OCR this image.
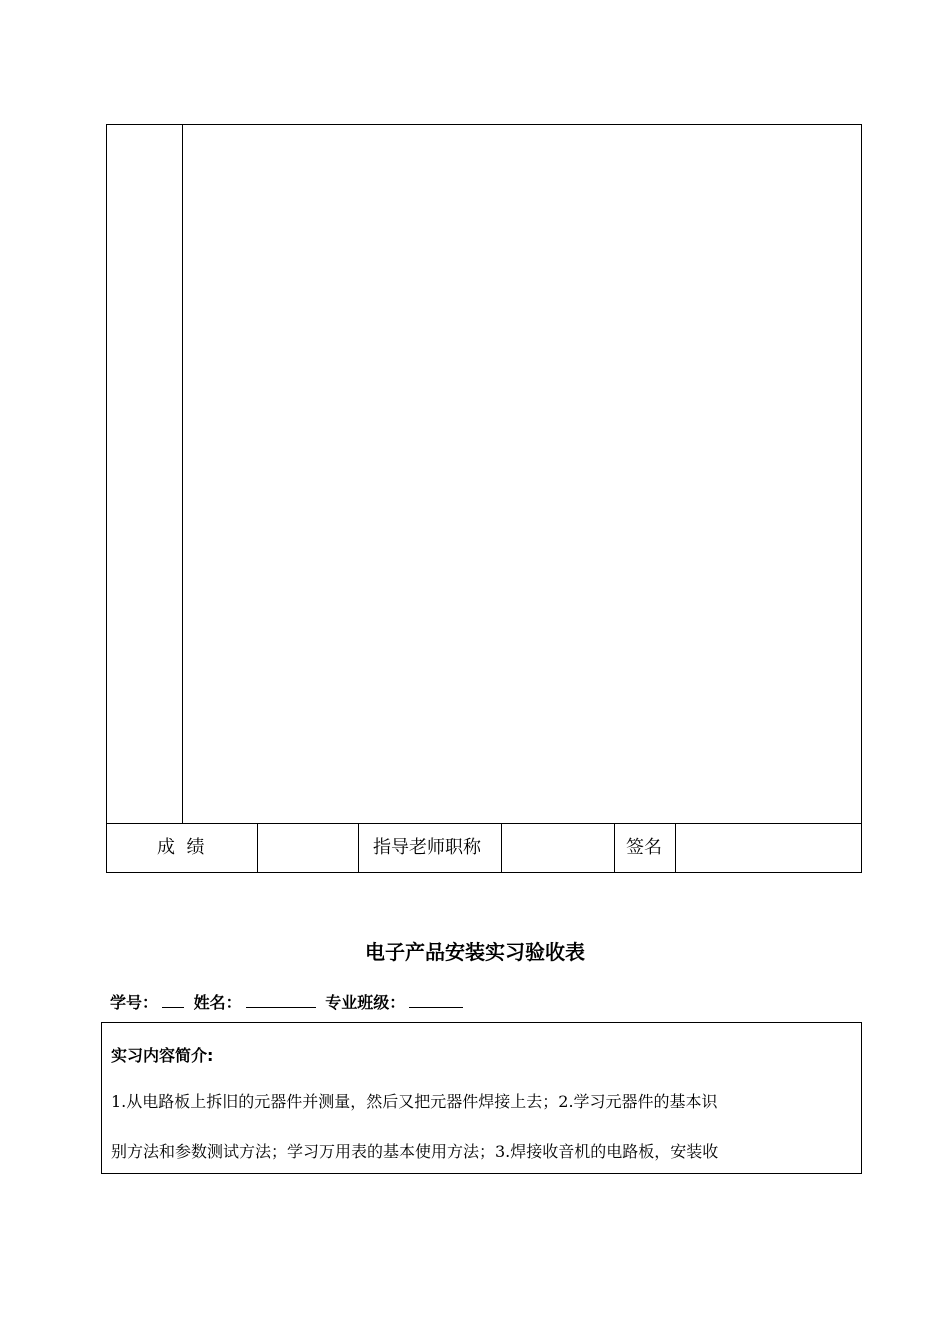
成  绩	指导老师职称	签名
电子产品安装实习验收表
学号： 姓名：	专业班级：
实习内容简介:
1.从电路板上拆旧的元器件并测量，然后又把元器件焊接上去；2.学习元器件的基本识
别方法和参数测试方法；学习万用表的基本使用方法；3.焊接收音机的电路板，安装收
